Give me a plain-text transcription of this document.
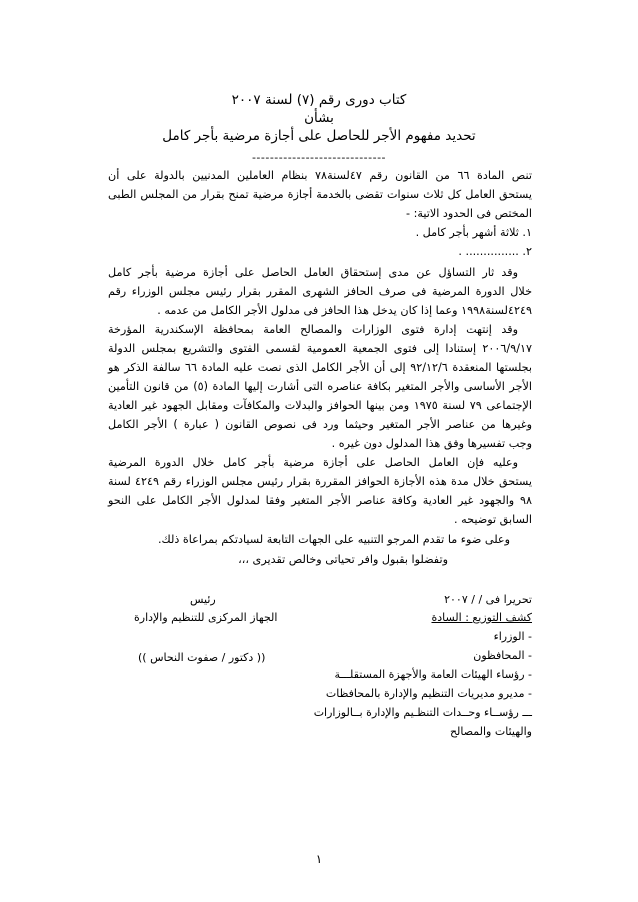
كتاب دورى رقم (٧) لسنة ٢٠٠٧
بشأن
تحديد مفهوم الأجر للحاصل على أجازة مرضية بأجر كامل
------------------------------
تنص المادة ٦٦ من القانون رقم ٤٧لسنة٧٨ بنظام العاملين المدنيين بالدولة على أن
يستحق العامل كل ثلاث سنوات تقضى بالخدمة أجازة مرضية تمنح بقرار من المجلس الطبى
المختص فى الحدود الاتية: -
١. ثلاثة أشهر بأجر كامل .
٢. ............... .
وقد ثار التساؤل عن مدى إستحقاق العامل الحاصل على أجازة مرضية بأجر كامل
خلال الدورة المرضية فى صرف الحافز الشهرى المقرر بقرار رئيس مجلس الوزراء رقم
٤٢٤٩لسنة١٩٩٨ وعما إذا كان يدخل هذا الحافز فى مدلول الأجر الكامل من عدمه .
وقد إنتهت إدارة فتوى الوزارات والمصالح العامة بمحافظة الإسكندرية المؤرخة
٢٠٠٦/٩/١٧ إستنادا إلى فتوى الجمعية العمومية لقسمى الفتوى والتشريع بمجلس الدولة
بجلستها المنعقدة ٩٢/١٢/٦ إلى أن الأجر الكامل الذى نصت عليه المادة ٦٦ سالفة الذكر هو
الأجر الأساسى والأجر المتغير بكافة عناصره التى أشارت إليها المادة (٥) من قانون التأمين
الإجتماعى ٧٩ لسنة ١٩٧٥ ومن بينها الحوافز والبدلات والمكافآت ومقابل الجهود غير العادية
وغيرها من عناصر الأجر المتغير وحيثما ورد فى نصوص القانون ( عبارة ) الأجر الكامل
وجب تفسيرها وفق هذا المدلول دون غيره .
وعليه فإن العامل الحاصل على أجازة مرضية بأجر كامل خلال الدورة المرضية
يستحق خلال مدة هذه الأجازة الحوافز المقررة بقرار رئيس مجلس الوزراء رقم ٤٢٤٩ لسنة
٩٨ والجهود غير العادية وكافة عناصر الأجر المتغير وفقا لمدلول الأجر الكامل على النحو
السابق توضيحه .
وعلى ضوء ما تقدم المرجو التنبيه على الجهات التابعة لسيادتكم بمراعاة ذلك.
وتفضلوا بقبول وافر تحياتى وخالص تقديرى ،،،
تحريرا فى / / ٢٠٠٧
كشف التوزيع : السادة
- الوزراء
- المحافظون
- رؤساء الهيئات العامة والأجهزة المستقلـــة
- مديرو مديريات التنظيم والإدارة بالمحافظات
ـــ رؤســاء وحــدات التنظـيم والإدارة بــالوزارات
والهيئات والمصالح
رئيس
الجهاز المركزى للتنظيم والإدارة
(( دكتور / صفوت النحاس ))
١
